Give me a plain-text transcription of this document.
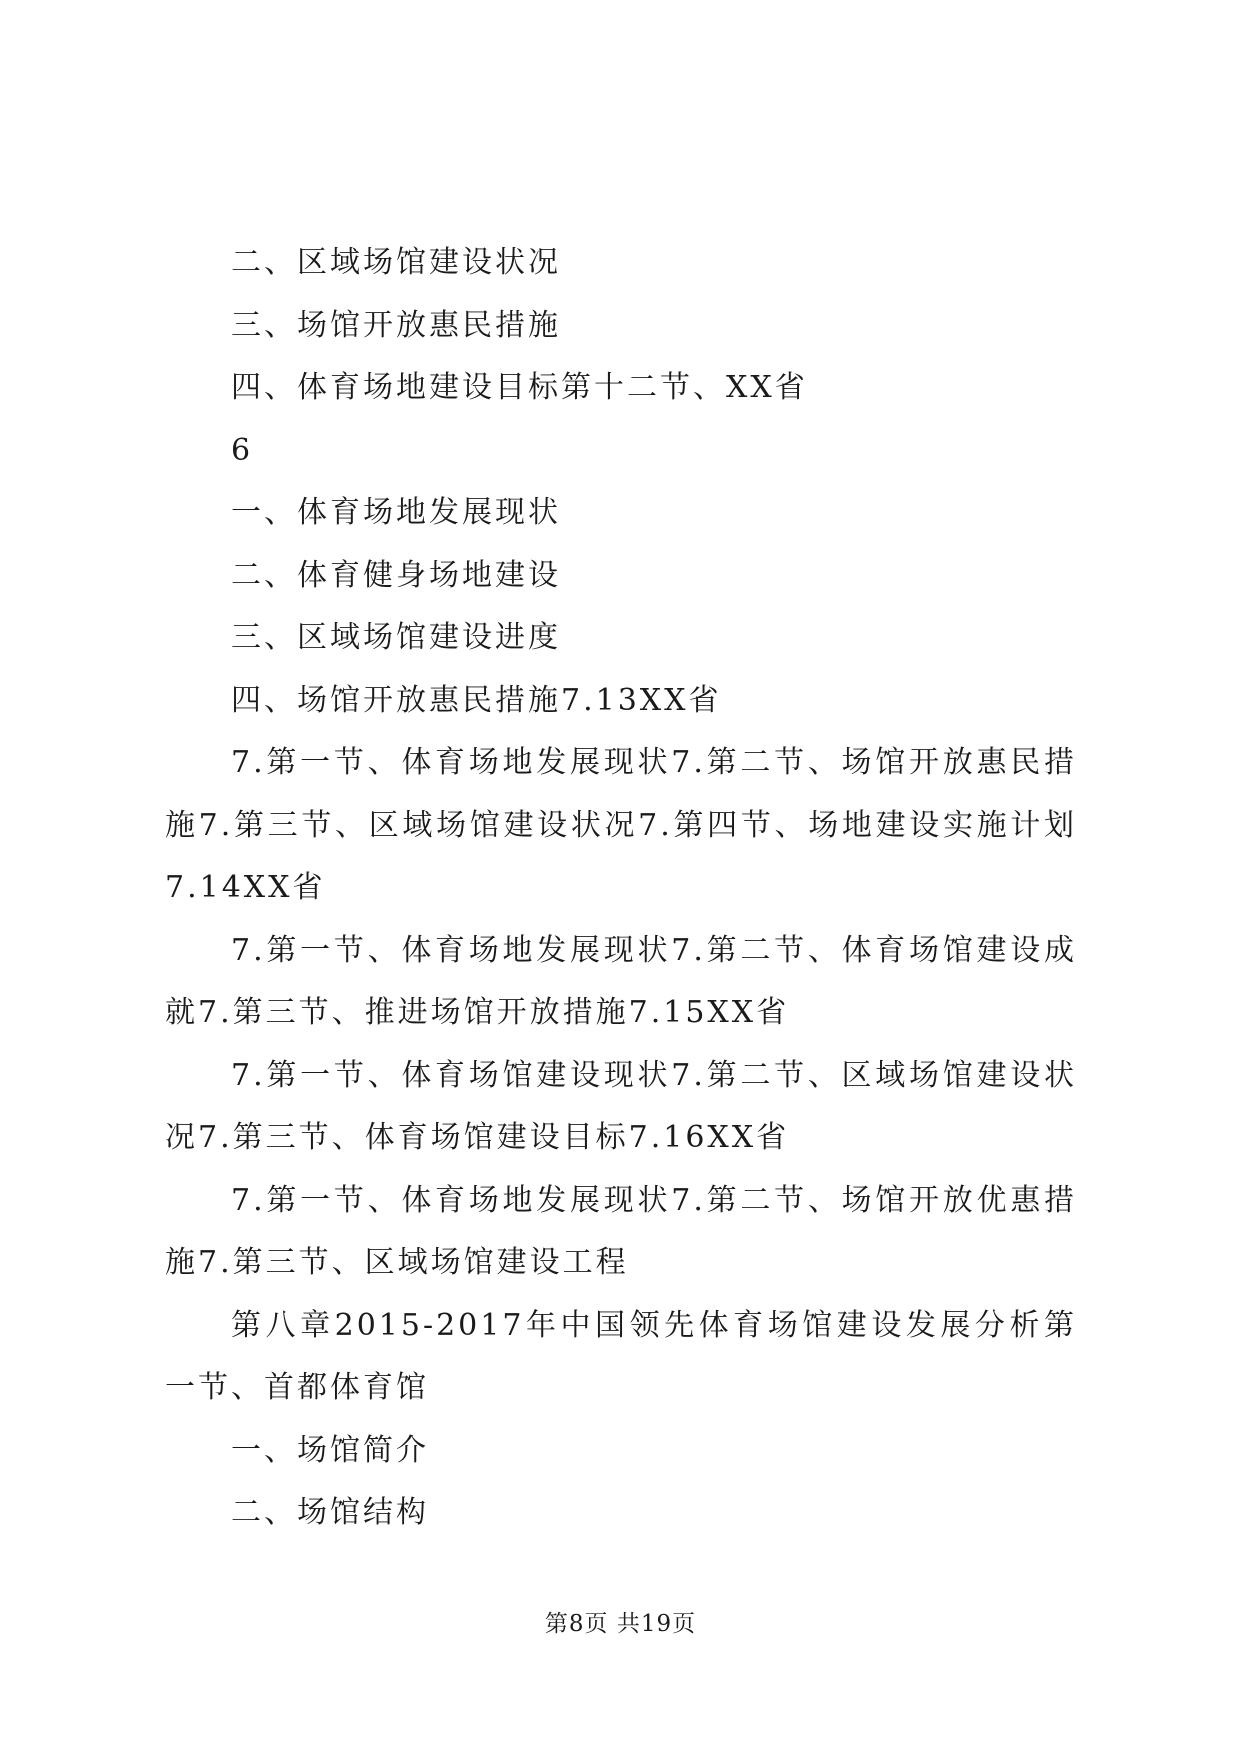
二、区域场馆建设状况

三、场馆开放惠民措施

四、体育场地建设目标第十二节、XX省

6

一、体育场地发展现状

二、体育健身场地建设

三、区域场馆建设进度

四、场馆开放惠民措施7.13XX省

7.第一节、体育场地发展现状7.第二节、场馆开放惠民措施7.第三节、区域场馆建设状况7.第四节、场地建设实施计划7.14XX省

7.第一节、体育场地发展现状7.第二节、体育场馆建设成就7.第三节、推进场馆开放措施7.15XX省

7.第一节、体育场馆建设现状7.第二节、区域场馆建设状况7.第三节、体育场馆建设目标7.16XX省

7.第一节、体育场地发展现状7.第二节、场馆开放优惠措施7.第三节、区域场馆建设工程

第八章2015-2017年中国领先体育场馆建设发展分析第一节、首都体育馆

一、场馆简介

二、场馆结构

第8页 共19页
